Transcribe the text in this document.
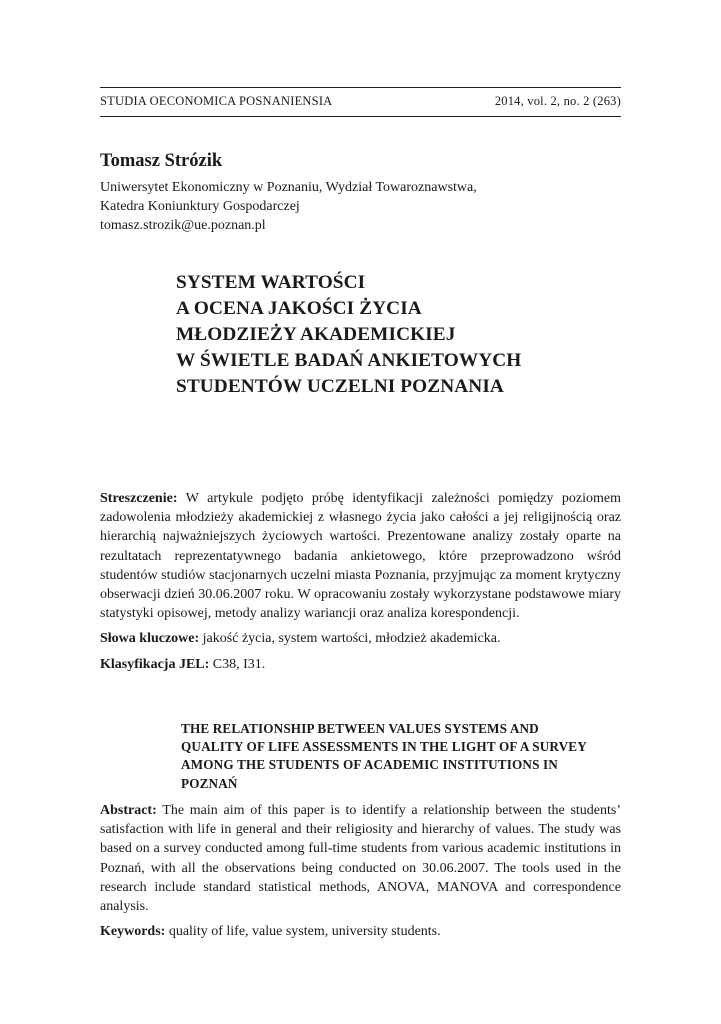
STUDIA OECONOMICA POSNANIENSIA	2014, vol. 2, no. 2 (263)

Tomasz Strózik

Uniwersytet Ekonomiczny w Poznaniu, Wydział Towaroznawstwa,

Katedra Koniunktury Gospodarczej

tomasz.strozik@ue.poznan.pl

SYSTEM WARTOŚCI
A OCENA JAKOŚCI ŻYCIA
MŁODZIEŻY AKADEMICKIEJ
W ŚWIETLE BADAŃ ANKIETOWYCH
STUDENTÓW UCZELNI POZNANIA

Streszczenie: W artykule podjęto próbę identyfikacji zależności pomiędzy poziomem zadowolenia młodzieży akademickiej z własnego życia jako całości a jej religijnością oraz hierarchią najważniejszych życiowych wartości. Prezentowane analizy zostały oparte na rezultatach reprezentatywnego badania ankietowego, które przeprowadzono wśród studentów studiów stacjonarnych uczelni miasta Poznania, przyjmując za moment krytyczny obserwacji dzień 30.06.2007 roku. W opracowaniu zostały wykorzystane podstawowe miary statystyki opisowej, metody analizy wariancji oraz analiza korespondencji.

Słowa kluczowe: jakość życia, system wartości, młodzież akademicka.

Klasyfikacja JEL: C38, I31.

THE RELATIONSHIP BETWEEN VALUES SYSTEMS AND
QUALITY OF LIFE ASSESSMENTS IN THE LIGHT OF A SURVEY
AMONG THE STUDENTS OF ACADEMIC INSTITUTIONS IN
POZNAŃ

Abstract: The main aim of this paper is to identify a relationship between the students’ satisfaction with life in general and their religiosity and hierarchy of values. The study was based on a survey conducted among full-time students from various academic institutions in Poznań, with all the observations being conducted on 30.06.2007. The tools used in the research include standard statistical methods, ANOVA, MANOVA and correspondence analysis.

Keywords: quality of life, value system, university students.
